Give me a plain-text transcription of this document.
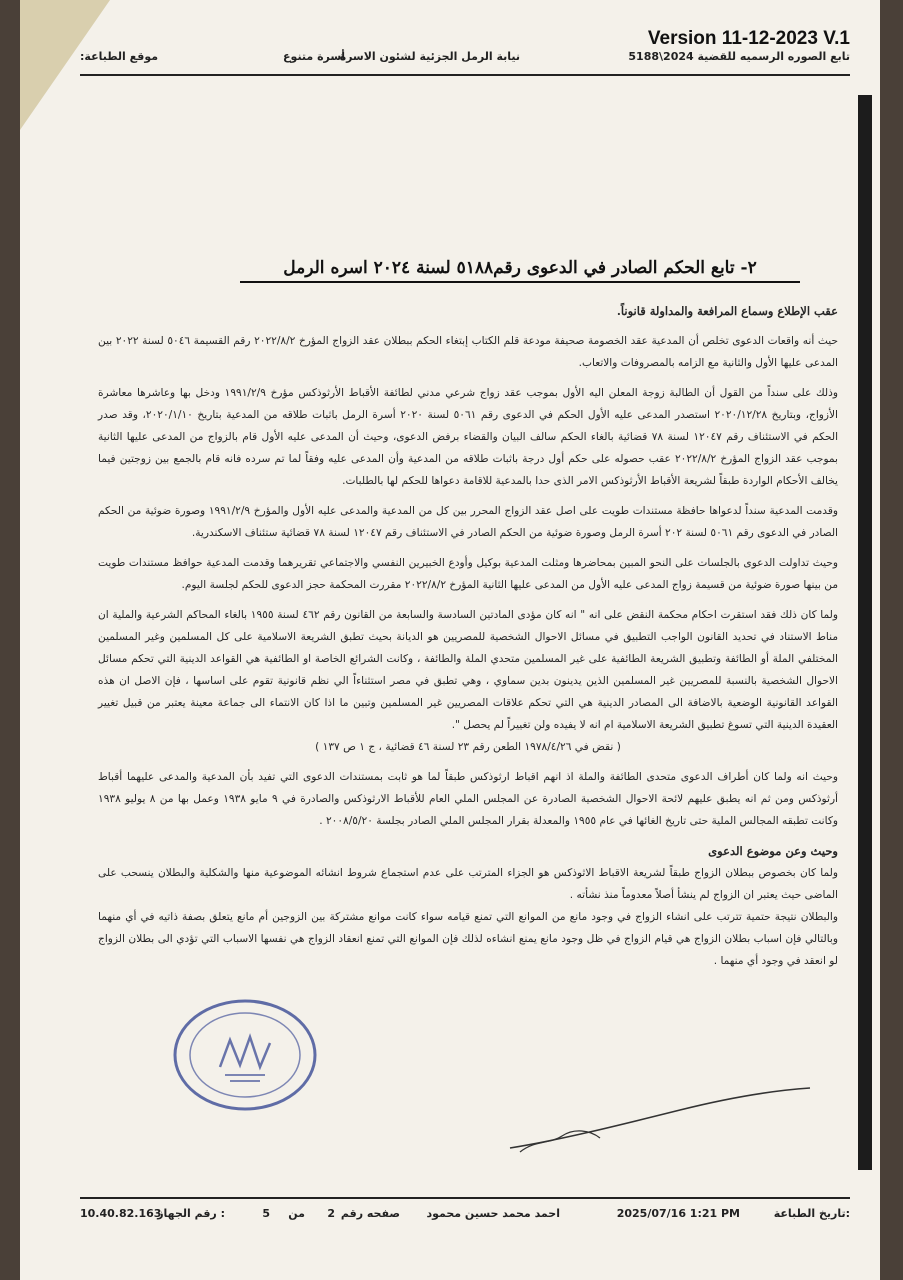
Version 11-12-2023 V.1
تابع الصوره الرسميه للقضية 2024\5188
نيابة الرمل الجزئية لشئون الاسرة
أسرة متنوع
موقع الطباعة:
٢- تابع الحكم الصادر في الدعوى رقم٥١٨٨ لسنة ٢٠٢٤ اسره الرمل

عقب الإطلاع وسماع المرافعة والمداولة قانوناً.

حيث أنه واقعات الدعوى تخلص أن المدعية عقد الخصومة صحيفة مودعة قلم الكتاب إبتغاء الحكم ببطلان عقد الزواج المؤرخ ٢٠٢٢/٨/٢ رقم القسيمة ٥٠٤٦ لسنة ٢٠٢٢ بين المدعى عليها الأول والثانية مع الزامه بالمصروفات والاتعاب.

وذلك على سنداً من القول أن الطالبة زوجة المعلن اليه الأول بموجب عقد زواج شرعي مدني لطائفة الأقباط الأرثوذكس مؤرخ ١٩٩١/٢/٩ ودخل بها وعاشرها معاشرة الأزواج، وبتاريخ ٢٠٢٠/١٢/٢٨ استصدر المدعى عليه الأول الحكم في الدعوى رقم ٥٠٦١ لسنة ٢٠٢٠ أسرة الرمل باثبات طلاقه من المدعية بتاريخ ٢٠٢٠/١/١٠، وقد صدر الحكم في الاستئناف رقم ١٢٠٤٧ لسنة ٧٨ قضائية بالغاء الحكم سالف البيان والقضاء برفض الدعوى، وحيث أن المدعى عليه الأول قام بالزواج من المدعى عليها الثانية بموجب عقد الزواج المؤرخ ٢٠٢٢/٨/٢ عقب حصوله على حكم أول درجة باثبات طلاقه من المدعية وأن المدعى عليه وفقاً لما تم سرده فانه قام بالجمع بين زوجتين فيما يخالف الأحكام الواردة طبقاً لشريعة الأقباط الأرثوذكس الامر الذى حدا بالمدعية للاقامة دعواها للحكم لها بالطلبات.

وقدمت المدعية سنداً لدعواها حافظة مستندات طويت على اصل عقد الزواج المحرر بين كل من المدعية والمدعى عليه الأول والمؤرخ ١٩٩١/٢/٩ وصورة ضوئية من الحكم الصادر في الدعوى رقم ٥٠٦١ لسنة ٢٠٢ أسرة الرمل وصورة ضوئية من الحكم الصادر في الاستئناف رقم ١٢٠٤٧ لسنة ٧٨ قضائية ستئناف الاسكندرية.

وحيث تداولت الدعوى بالجلسات على النحو المبين بمحاضرها ومثلت المدعية بوكيل وأودع الخبيرين النفسي والاجتماعي تقريرهما وقدمت المدعية حوافظ مستندات طويت من بينها صورة ضوئية من قسيمة زواج المدعى عليه الأول من المدعى عليها الثانية المؤرخ ٢٠٢٢/٨/٢ مقررت المحكمة حجز الدعوى للحكم لجلسة اليوم.

ولما كان ذلك فقد استقرت احكام محكمة النقض على انه " انه كان مؤدى المادتين السادسة والسابعة من القانون رقم ٤٦٢ لسنة ١٩٥٥ بالغاء المحاكم الشرعية والملية ان مناط الاستناد في تحديد القانون الواجب التطبيق في مسائل الاحوال الشخصية للمصريين هو الديانة بحيث تطبق الشريعة الاسلامية على كل المسلمين وغير المسلمين المختلفي الملة أو الطائفة وتطبيق الشريعة الطائفية على غير المسلمين متحدي الملة والطائفة ، وكانت الشرائع الخاصة او الطائفية هي القواعد الدينية التي تحكم مسائل الاحوال الشخصية بالنسبة للمصريين غير المسلمين الذين يدينون بدين سماوي ، وهي تطبق في مصر استثناءاً الي نظم قانونية تقوم على اساسها ، فإن الاصل ان هذه القواعد القانونية الوضعية بالاضافة الى المصادر الدينية هي التي تحكم علاقات المصريين غير المسلمين وتبين ما اذا كان الانتماء الى جماعة معينة يعتبر من قبيل تغيير العقيدة الدينية التي تسوغ تطبيق الشريعة الاسلامية ام انه لا يفيده ولن تغييراً لم يحصل ".

( نقض في ١٩٧٨/٤/٢٦ الطعن رقم ٢٣ لسنة ٤٦ قضائية ، ج ١ ص ١٣٧ )

وحيث انه ولما كان أطراف الدعوى متحدى الطائفة والملة اذ انهم اقباط ارثوذكس طبقاً لما هو ثابت بمستندات الدعوى التي تفيد بأن المدعية والمدعى عليهما أقباط أرثوذكس ومن ثم انه يطبق عليهم لائحة الاحوال الشخصية الصادرة عن المجلس الملي العام للأقباط الارثوذكس والصادرة في ٩ مايو ١٩٣٨ وعمل بها من ٨ يوليو ١٩٣٨ وكانت تطبقه المجالس الملية حتى تاريخ الغائها في عام ١٩٥٥ والمعدلة بقرار المجلس الملي الصادر بجلسة ٢٠٠٨/٥/٢٠ .

وحيث وعن موضوع الدعوى

ولما كان بخصوص ببطلان الزواج طبقاً لشريعة الاقباط الاثوذكس هو الجزاء المترتب على عدم استجماع شروط انشائه الموضوعية منها والشكلية والبطلان ينسحب على الماضى حيث يعتبر ان الزواج لم ينشأ أصلاً معدوماً منذ نشأته .

والبطلان نتيجة حتمية تترتب على انشاء الزواج في وجود مانع من الموانع التي تمنع قيامه سواء كانت موانع مشتركة بين الزوجين أم مانع يتعلق بصفة ذاتيه في أي منهما وبالتالي فإن اسباب بطلان الزواج هي قيام الزواج في ظل وجود مانع يمنع انشاءه لذلك فإن الموانع التي تمنع انعقاد الزواج هي نفسها الاسباب التي تؤدي الى بطلان الزواج لو انعقد في وجود أي منهما .

تاريخ الطباعة:
2025/07/16 1:21 PM
احمد محمد حسين محمود
صفحه رقم
2
من
5
رقم الجهاز :
10.40.82.163
